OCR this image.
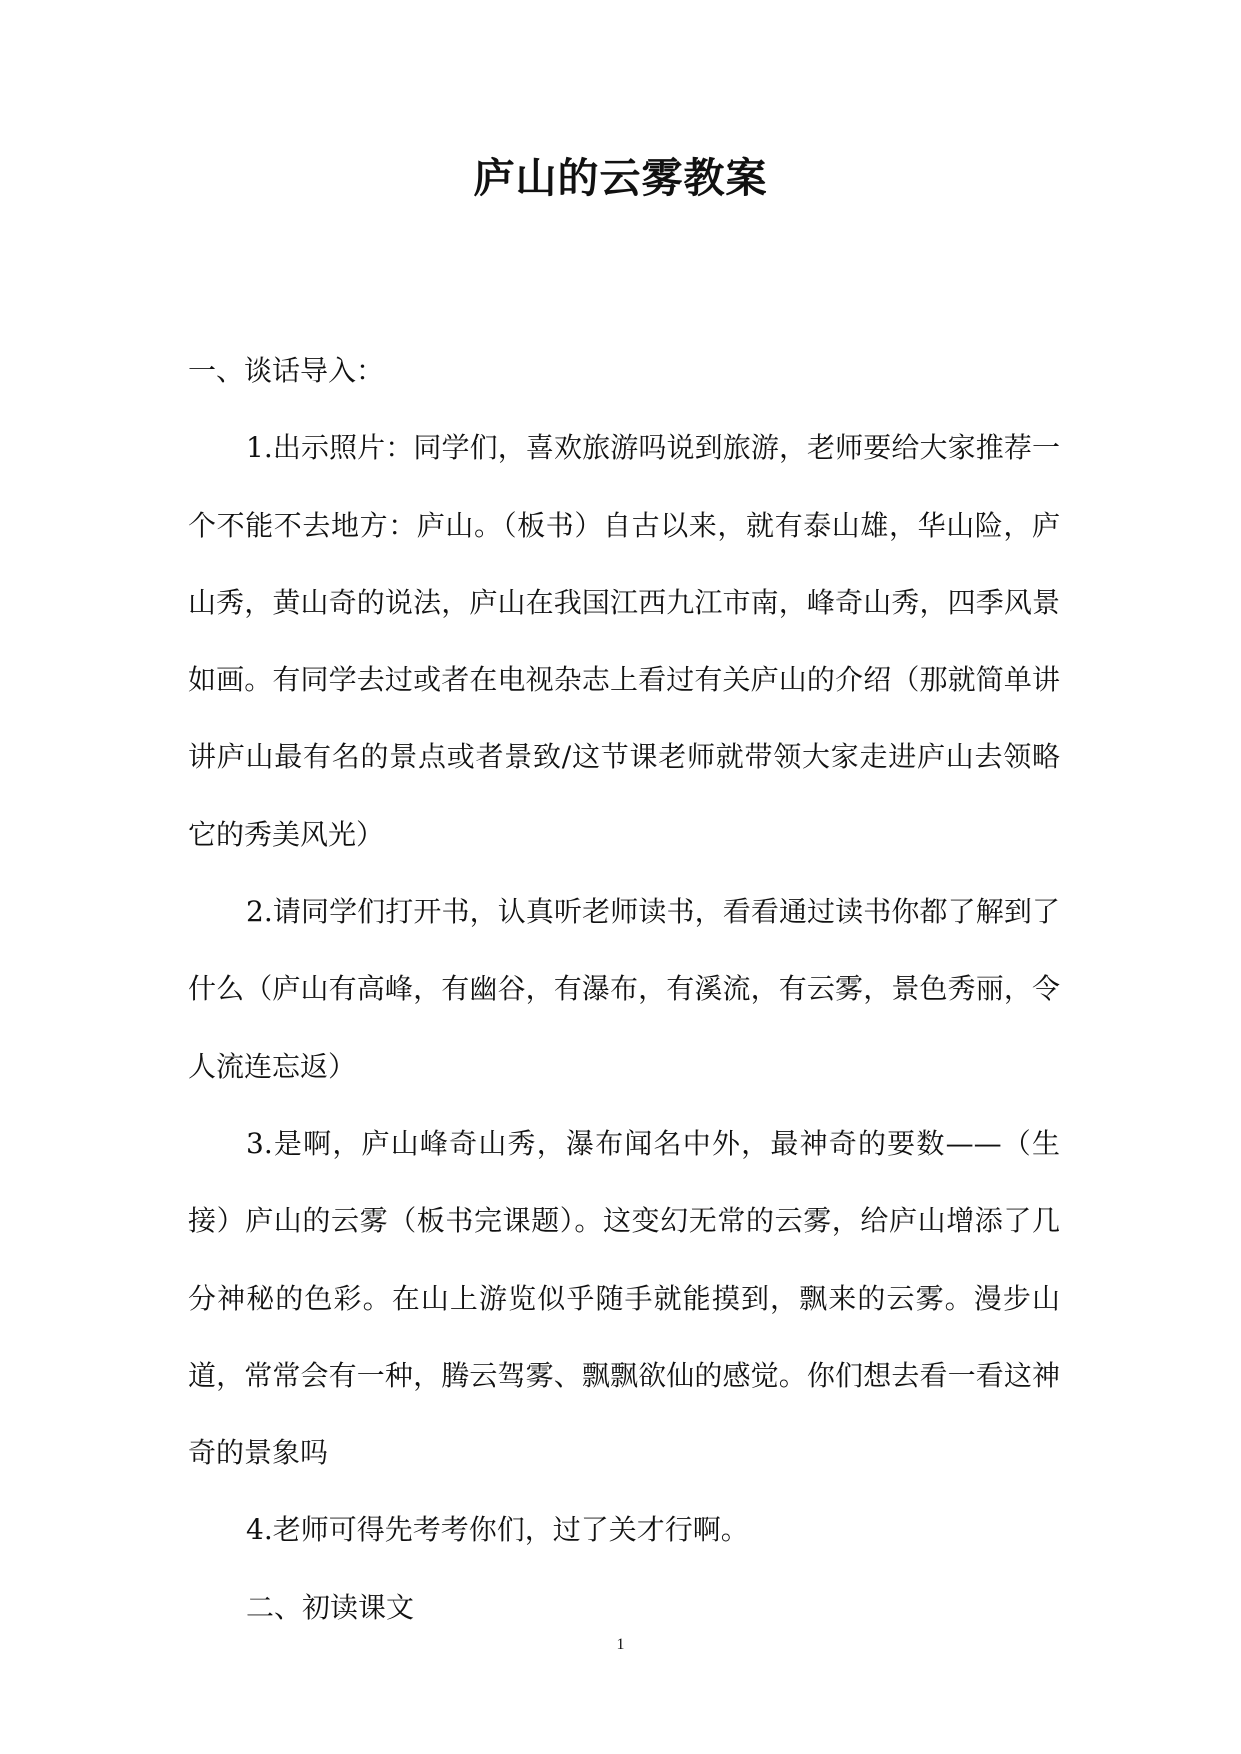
庐山的云雾教案

一、谈话导入：

1.出示照片：同学们，喜欢旅游吗说到旅游，老师要给大家推荐一个不能不去地方：庐山。（板书）自古以来，就有泰山雄，华山险，庐山秀，黄山奇的说法，庐山在我国江西九江市南，峰奇山秀，四季风景如画。有同学去过或者在电视杂志上看过有关庐山的介绍（那就简单讲讲庐山最有名的景点或者景致/这节课老师就带领大家走进庐山去领略它的秀美风光）

2.请同学们打开书，认真听老师读书，看看通过读书你都了解到了什么（庐山有高峰，有幽谷，有瀑布，有溪流，有云雾，景色秀丽，令人流连忘返）

3.是啊，庐山峰奇山秀，瀑布闻名中外，最神奇的要数——（生接）庐山的云雾（板书完课题）。这变幻无常的云雾，给庐山增添了几分神秘的色彩。在山上游览似乎随手就能摸到，飘来的云雾。漫步山道，常常会有一种，腾云驾雾、飘飘欲仙的感觉。你们想去看一看这神奇的景象吗

4.老师可得先考考你们，过了关才行啊。

二、初读课文

1
